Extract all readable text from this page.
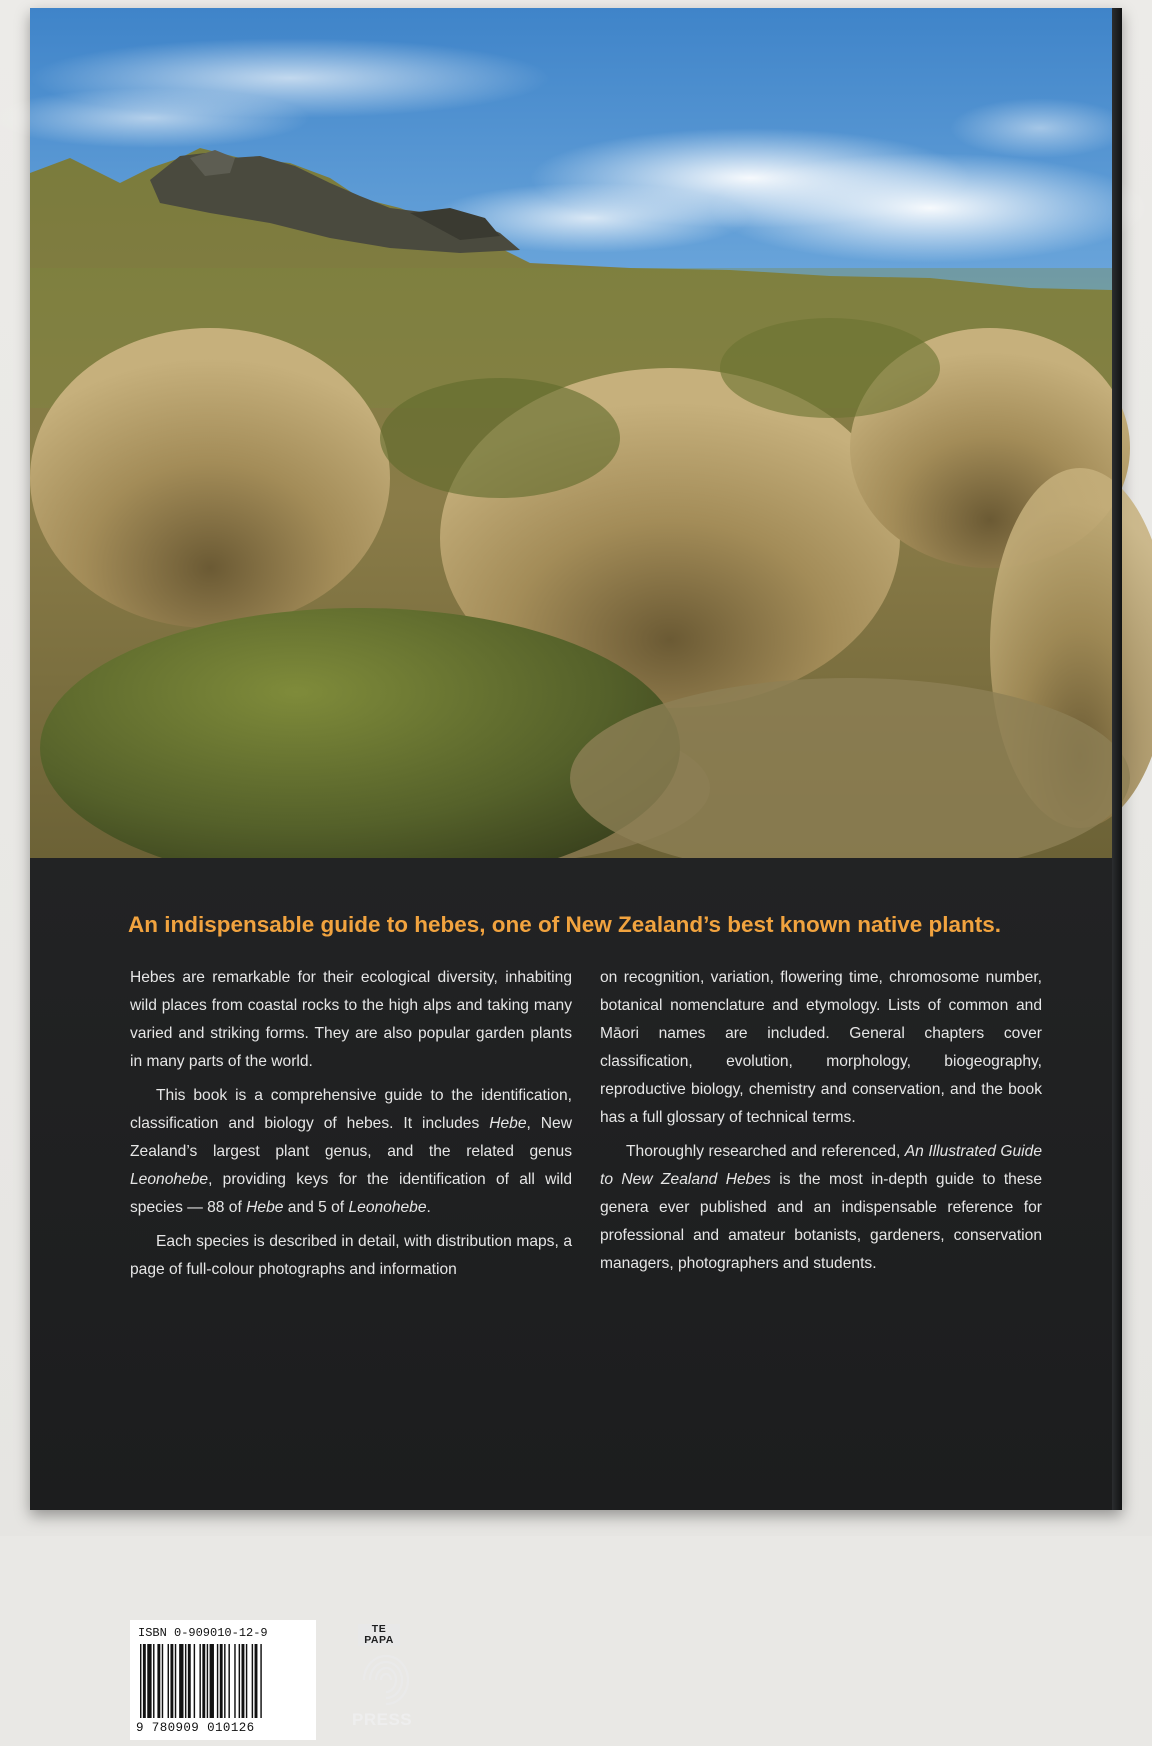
An indispensable guide to hebes, one of New Zealand’s best known native plants.

Hebes are remarkable for their ecological diversity, inhabiting wild places from coastal rocks to the high alps and taking many varied and striking forms. They are also popular garden plants in many parts of the world.

This book is a comprehensive guide to the identification, classification and biology of hebes. It includes Hebe, New Zealand’s largest plant genus, and the related genus Leonohebe, providing keys for the identification of all wild species — 88 of Hebe and 5 of Leonohebe.

Each species is described in detail, with distribution maps, a page of full-colour photographs and information

on recognition, variation, flowering time, chromosome number, botanical nomenclature and etymology. Lists of common and Māori names are included. General chapters cover classification, evolution, morphology, biogeography, reproductive biology, chemistry and conservation, and the book has a full glossary of technical terms.

Thoroughly researched and referenced, An Illustrated Guide to New Zealand Hebes is the most in-depth guide to these genera ever published and an indispensable reference for professional and amateur botanists, gardeners, conservation managers, photographers and students.

ISBN 0-909010-12-9
9 780909 010126
TE PAPA
PRESS
